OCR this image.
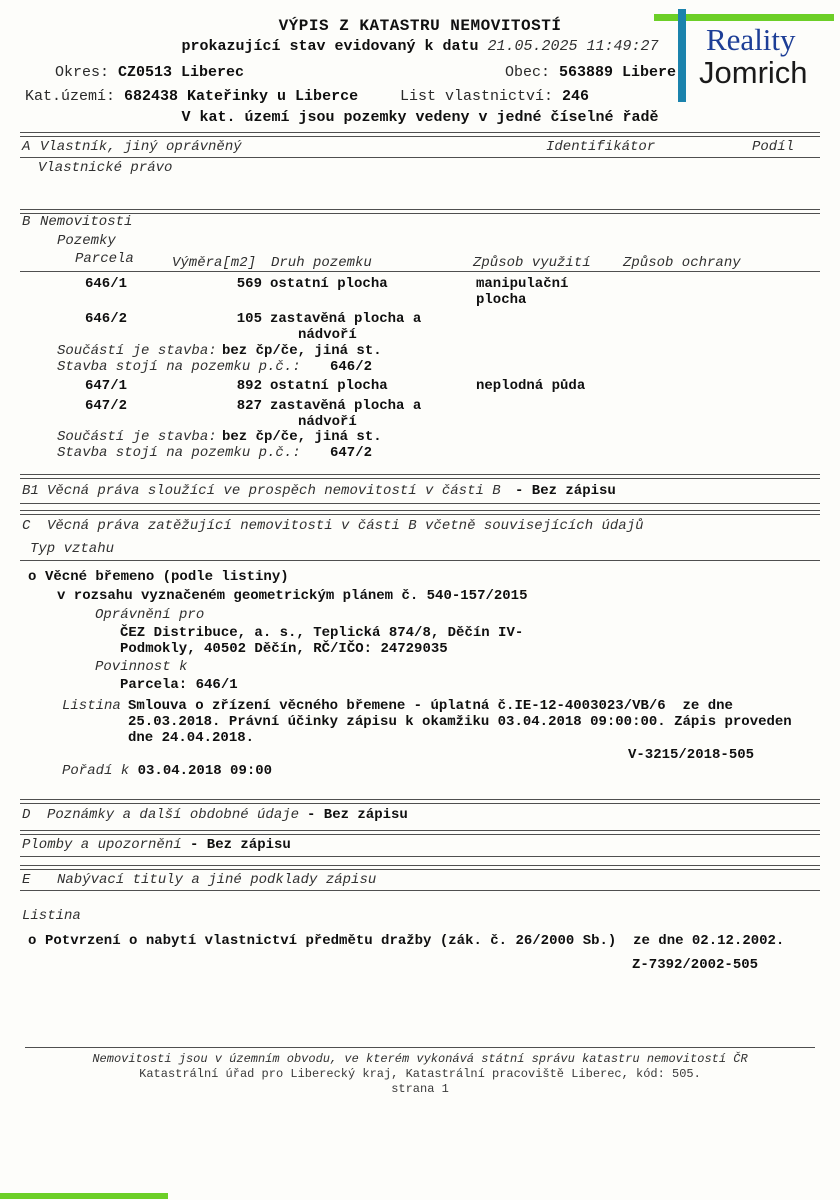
VÝPIS Z KATASTRU NEMOVITOSTÍ
prokazující stav evidovaný k datu 21.05.2025 11:49:27
Okres: CZ0513 Liberec	Obec: 563889 Libere
Kat.území: 682438 Kateřinky u Liberce	List vlastnictví: 246
V kat. území jsou pozemky vedeny v jedné číselné řadě
A Vlastník, jiný oprávněný	Identifikátor	Podíl
Vlastnické právo
B Nemovitosti
Pozemky
Parcela	Výměra[m2] Druh pozemku	Způsob využití Způsob ochrany
646/1	569 ostatní plocha	manipulační
plocha
646/2	105 zastavěná plocha a
nádvoří
Součástí je stavba: bez čp/če, jiná st.
Stavba stojí na pozemku p.č.: 646/2
647/1	892 ostatní plocha	neplodná půda
647/2	827 zastavěná plocha a
nádvoří
Součástí je stavba: bez čp/če, jiná st.
Stavba stojí na pozemku p.č.: 647/2
B1 Věcná práva sloužící ve prospěch nemovitostí v části B - Bez zápisu
C Věcná práva zatěžující nemovitosti v části B včetně souvisejících údajů
Typ vztahu
o Věcné břemeno (podle listiny)
v rozsahu vyznačeném geometrickým plánem č. 540-157/2015
Oprávnění pro
ČEZ Distribuce, a. s., Teplická 874/8, Děčín IV-
Podmokly, 40502 Děčín, RČ/IČO: 24729035
Povinnost k
Parcela: 646/1
Listina Smlouva o zřízení věcného břemene - úplatná č.IE-12-4003023/VB/6  ze dne
25.03.2018. Právní účinky zápisu k okamžiku 03.04.2018 09:00:00. Zápis proveden
dne 24.04.2018.
V-3215/2018-505
Pořadí k 03.04.2018 09:00
D Poznámky a další obdobné údaje - Bez zápisu
Plomby a upozornění - Bez zápisu
E Nabývací tituly a jiné podklady zápisu
Listina
o Potvrzení o nabytí vlastnictví předmětu dražby (zák. č. 26/2000 Sb.)  ze dne 02.12.2002.
Z-7392/2002-505
Nemovitosti jsou v územním obvodu, ve kterém vykonává státní správu katastru nemovitostí ČR
Katastrální úřad pro Liberecký kraj, Katastrální pracoviště Liberec, kód: 505.
strana 1
Reality
Jomrich
